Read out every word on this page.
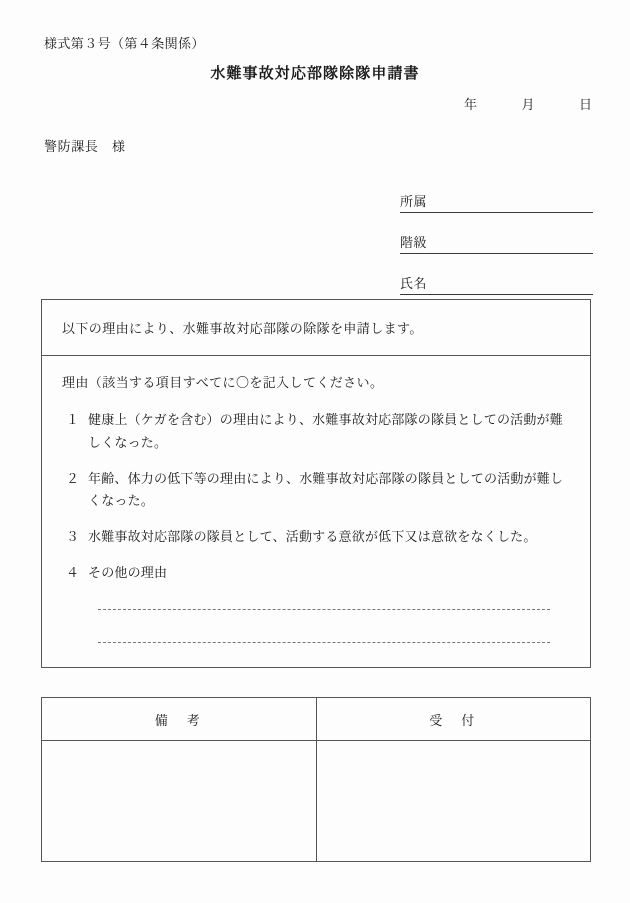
様式第３号（第４条関係）
水難事故対応部隊除隊申請書
年	月	日
警防課長　様
所属
階級
氏名
以下の理由により、水難事故対応部隊の除隊を申請します。
理由（該当する項目すべてに〇を記入してください。
１ 健康上（ケガを含む）の理由により、水難事故対応部隊の隊員としての活動が難しくなった。
２ 年齢、体力の低下等の理由により、水難事故対応部隊の隊員としての活動が難しくなった。
３ 水難事故対応部隊の隊員として、活動する意欲が低下又は意欲をなくした。
４ その他の理由
備　考	受　付
